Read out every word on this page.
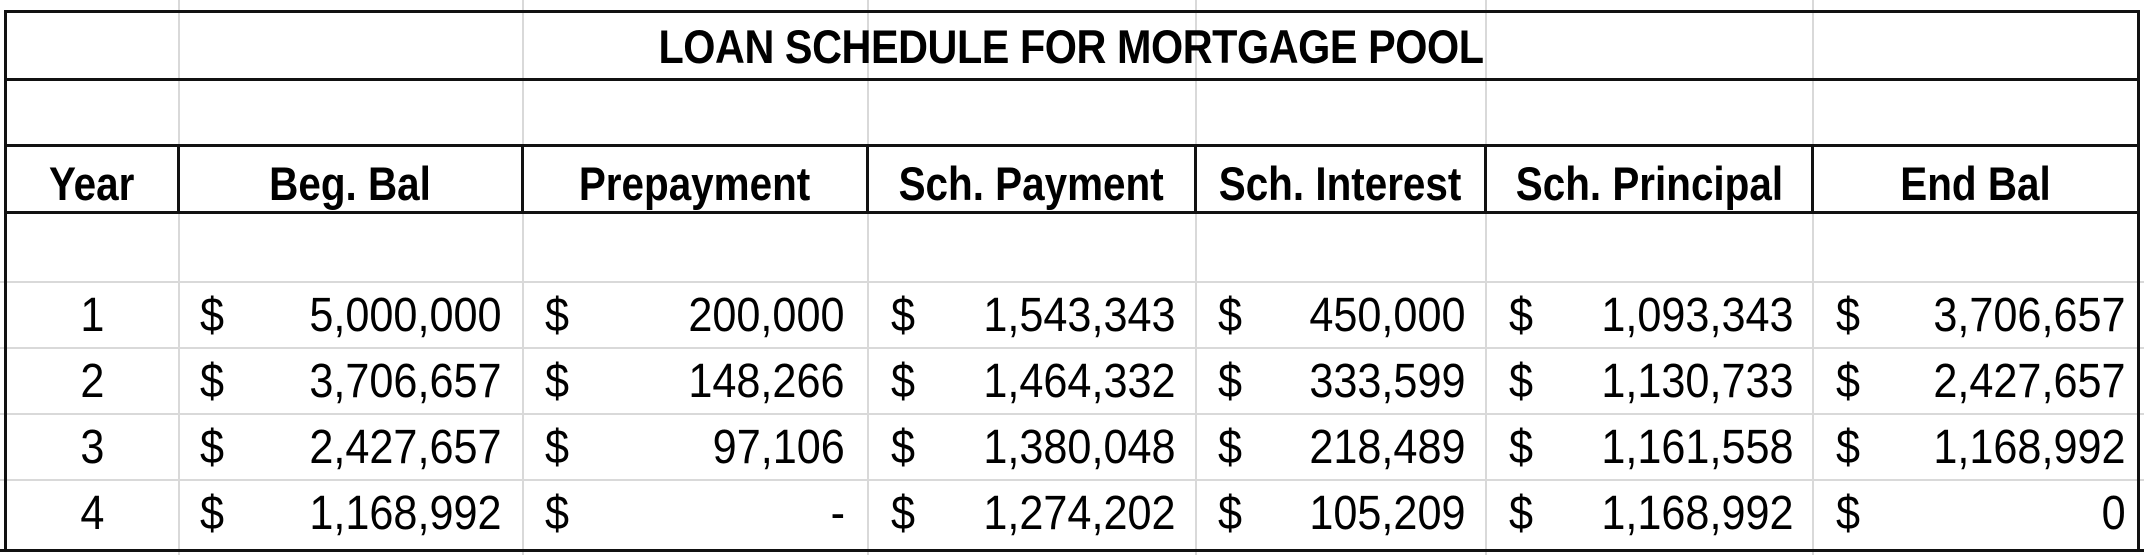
LOAN SCHEDULE FOR MORTGAGE POOL
Year	Beg. Bal	Prepayment Sch. Payment Sch. Interest Sch. Principal	End Bal
1 $ 5,000,000 $ 200,000 $ 1,543,343 $ 450,000 $ 1,093,343 $ 3,706,657
2 $ 3,706,657 $ 148,266 $ 1,464,332 $ 333,599 $ 1,130,733 $ 2,427,657
3 $ 2,427,657 $	97,106 $ 1,380,048 $ 218,489 $ 1,161,558 $ 1,168,992
4 $ 1,168,992 $	- $ 1,274,202 $ 105,209 $ 1,168,992 $	0
